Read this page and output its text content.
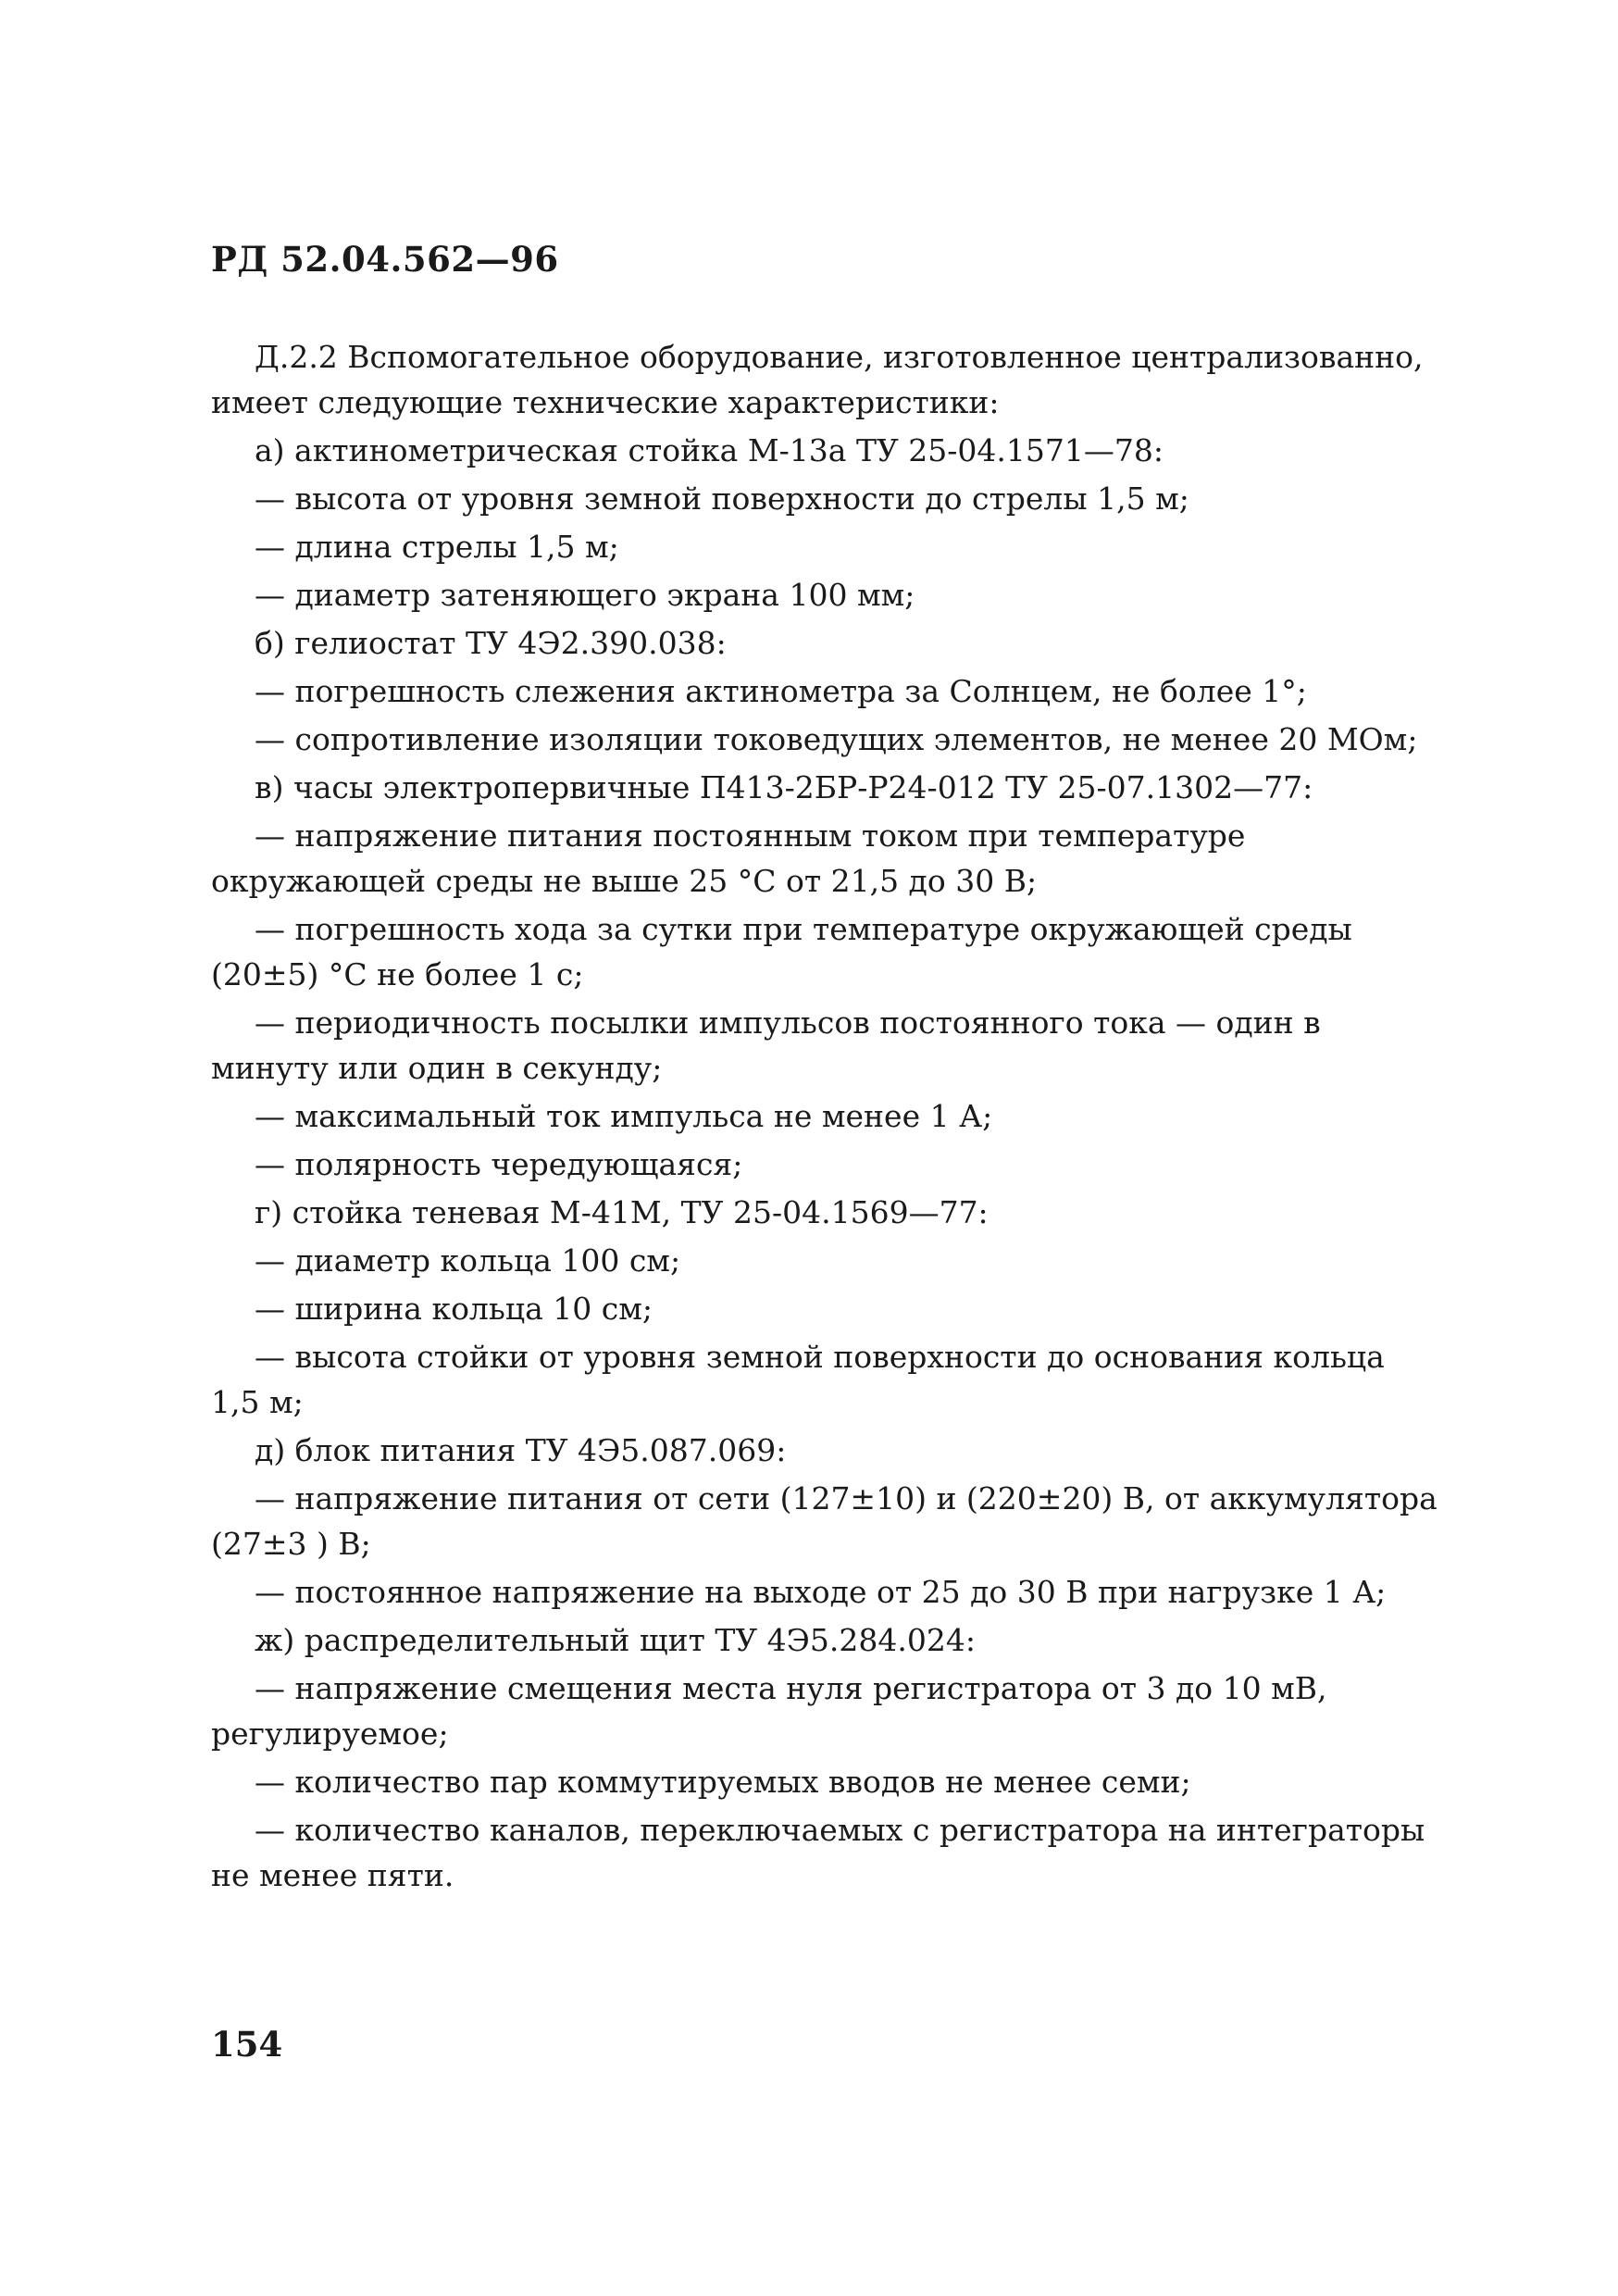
РД 52.04.562—96

Д.2.2 Вспомогательное оборудование, изготовленное централизованно, имеет следующие технические характеристики:

а) актинометрическая стойка М-13а ТУ 25-04.1571—78:

— высота от уровня земной поверхности до стрелы 1,5 м;

— длина стрелы 1,5 м;

— диаметр затеняющего экрана 100 мм;

б) гелиостат ТУ 4Э2.390.038:

— погрешность слежения актинометра за Солнцем, не более 1°;

— сопротивление изоляции токоведущих элементов, не менее 20 МОм;

в) часы электропервичные П413-2БР-Р24-012 ТУ 25-07.1302—77:

— напряжение питания постоянным током при температуре окружающей среды не выше 25 °С от 21,5 до 30 В;

— погрешность хода за сутки при температуре окружающей среды (20±5) °С не более 1 с;

— периодичность посылки импульсов постоянного тока — один в минуту или один в секунду;

— максимальный ток импульса не менее 1 А;

— полярность чередующаяся;

г) стойка теневая М-41М, ТУ 25-04.1569—77:

— диаметр кольца 100 см;

— ширина кольца 10 см;

— высота стойки от уровня земной поверхности до основания кольца 1,5 м;

д) блок питания ТУ 4Э5.087.069:

— напряжение питания от сети (127±10) и (220±20) В, от аккумулятора (27±3 ) В;

— постоянное напряжение на выходе от 25 до 30 В при нагрузке 1 А;

ж) распределительный щит ТУ 4Э5.284.024:

— напряжение смещения места нуля регистратора от 3 до 10 мВ, регулируемое;

— количество пар коммутируемых вводов не менее семи;

— количество каналов, переключаемых с регистратора на интеграторы не менее пяти.

154
